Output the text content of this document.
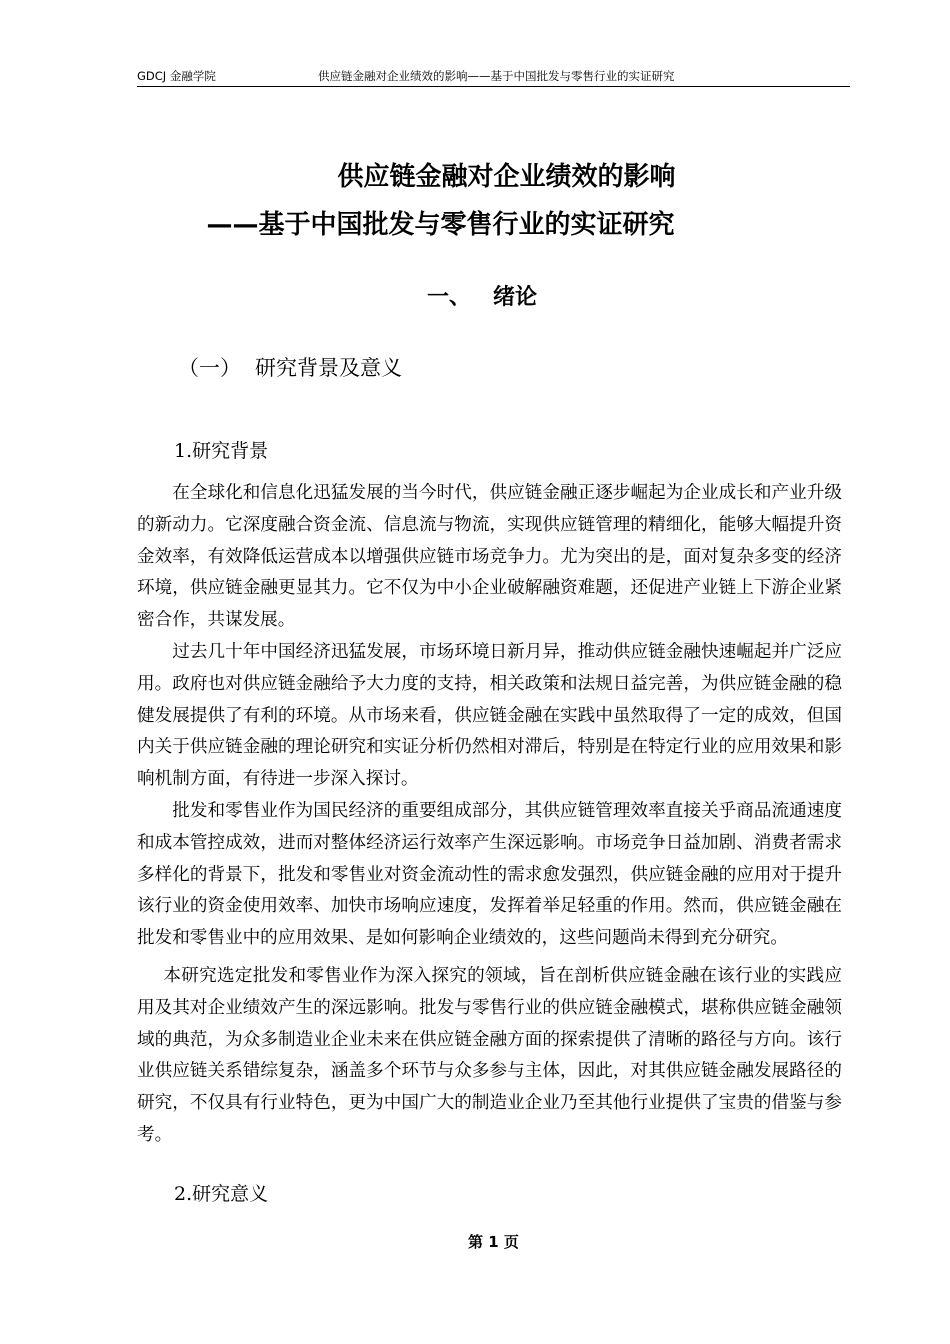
GDCJ 金融学院	供应链金融对企业绩效的影响——基于中国批发与零售行业的实证研究
供应链金融对企业绩效的影响
——基于中国批发与零售行业的实证研究
一、 绪论
（一） 研究背景及意义
1.研究背景

在全球化和信息化迅猛发展的当今时代，供应链金融正逐步崛起为企业成长和产业升级的新动力。它深度融合资金流、信息流与物流，实现供应链管理的精细化，能够大幅提升资金效率，有效降低运营成本以增强供应链市场竞争力。尤为突出的是，面对复杂多变的经济环境，供应链金融更显其力。它不仅为中小企业破解融资难题，还促进产业链上下游企业紧密合作，共谋发展。

过去几十年中国经济迅猛发展，市场环境日新月异，推动供应链金融快速崛起并广泛应用。政府也对供应链金融给予大力度的支持，相关政策和法规日益完善，为供应链金融的稳健发展提供了有利的环境。从市场来看，供应链金融在实践中虽然取得了一定的成效，但国内关于供应链金融的理论研究和实证分析仍然相对滞后，特别是在特定行业的应用效果和影响机制方面，有待进一步深入探讨。

批发和零售业作为国民经济的重要组成部分，其供应链管理效率直接关乎商品流通速度和成本管控成效，进而对整体经济运行效率产生深远影响。市场竞争日益加剧、消费者需求多样化的背景下，批发和零售业对资金流动性的需求愈发强烈，供应链金融的应用对于提升该行业的资金使用效率、加快市场响应速度，发挥着举足轻重的作用。然而，供应链金融在批发和零售业中的应用效果、是如何影响企业绩效的，这些问题尚未得到充分研究。

本研究选定批发和零售业作为深入探究的领域，旨在剖析供应链金融在该行业的实践应用及其对企业绩效产生的深远影响。批发与零售行业的供应链金融模式，堪称供应链金融领域的典范，为众多制造业企业未来在供应链金融方面的探索提供了清晰的路径与方向。该行业供应链关系错综复杂，涵盖多个环节与众多参与主体，因此，对其供应链金融发展路径的研究，不仅具有行业特色，更为中国广大的制造业企业乃至其他行业提供了宝贵的借鉴与参考。

2.研究意义
第 1 页
